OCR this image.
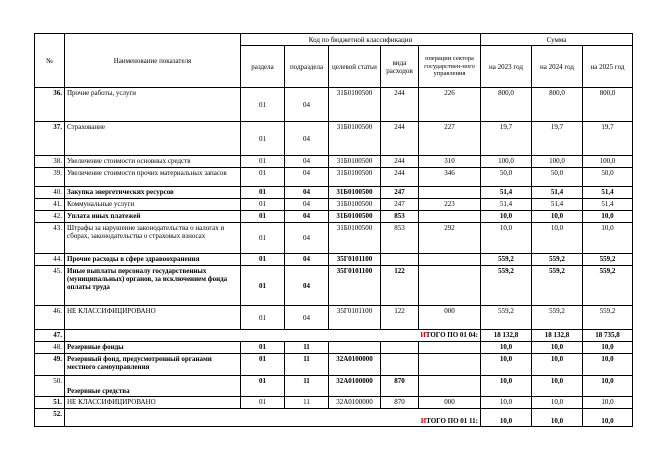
№	Наименование показателя	Код по бюджетной классификации					Сумма		
		раздела	подраздела	целевой статьи	вида расходов	операции сектора государствен-ного управления	на 2023 год	на 2024 год	на 2025 год
36.	Прочие работы, услуги	01	04	31Б0100500	244	226	800,0	800,0	800,0
37.	Страхование	01	04	31Б0100500	244	227	19,7	19,7	19,7
38.	Увеличение стоимости основных средств	01	04	31Б0100500	244	310	100,0	100,0	100,0
39.	Увеличение стоимости прочих материальных запасов	01	04	31Б0100500	244	346	50,0	50,0	50,0
40.	Закупка энергетических ресурсов	01	04	31Б0100500	247		51,4	51,4	51,4
41.	Коммунальные услуги	01	04	31Б0100500	247	223	51,4	51,4	51,4
42.	Уплата иных платежей	01	04	31Б0100500	853		10,0	10,0	10,0
43.	Штрафы за нарушение законодательства о налогах и сборах, законодательства о страховых взносах	01	04	31Б0100500	853	292	10,0	10,0	10,0
44.	Прочие расходы в сфере здравоохранения	01	04	35Г0101100			559,2	559,2	559,2
45.	Иные выплаты персоналу государственных (муниципальных) органов, за исключением фонда оплаты труда	01	04	35Г0101100	122		559,2	559,2	559,2
46.	НЕ КЛАССИФИЦИРОВАНО	01	04	35Г0101100	122	000	559,2	559,2	559,2
47.	ИТОГО ПО 01 04:						18 132,8	18 132,8	18 735,8
48.	Резервные фонды	01	11				10,0	10,0	10,0
49.	Резервный фонд, предусмотренный органами местного самоуправления	01	11	32А0100000			10,0	10,0	10,0
50.	Резервные средства	01	11	32А0100000	870		10,0	10,0	10,0
51.	НЕ КЛАССИФИЦИРОВАНО	01	11	32А0100000	870	000	10,0	10,0	10,0
52.	ИТОГО ПО 01 11:						10,0	10,0	10,0
